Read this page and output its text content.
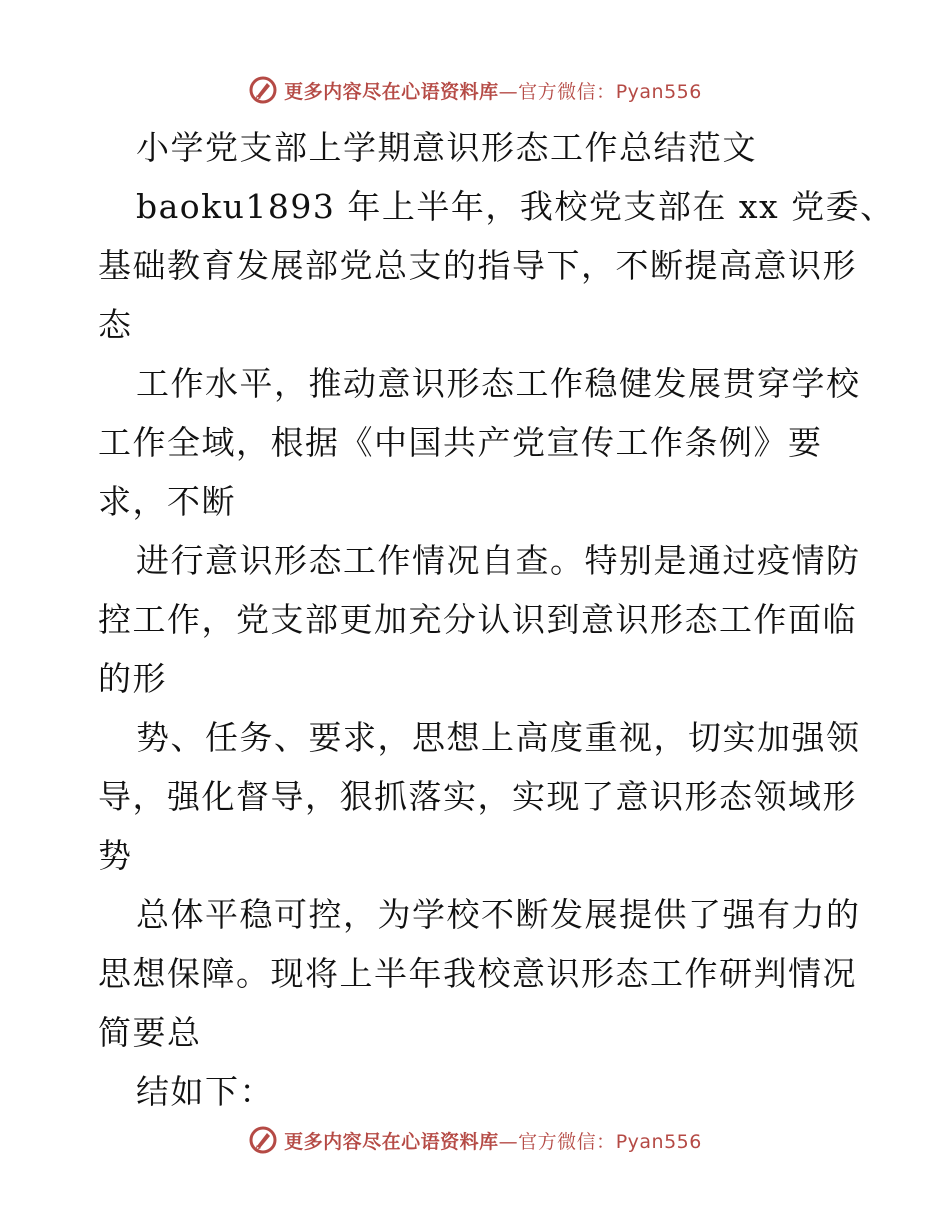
更多内容尽在心语资料库—官方微信：Pyan556
小学党支部上学期意识形态工作总结范文
baoku1893 年上半年，我校党支部在 xx 党委、
基础教育发展部党总支的指导下，不断提高意识形
态
工作水平，推动意识形态工作稳健发展贯穿学校
工作全域，根据《中国共产党宣传工作条例》要
求，不断
进行意识形态工作情况自查。特别是通过疫情防
控工作，党支部更加充分认识到意识形态工作面临
的形
势、任务、要求，思想上高度重视，切实加强领
导，强化督导，狠抓落实，实现了意识形态领域形
势
总体平稳可控，为学校不断发展提供了强有力的
思想保障。现将上半年我校意识形态工作研判情况
简要总
结如下：
更多内容尽在心语资料库—官方微信：Pyan556
